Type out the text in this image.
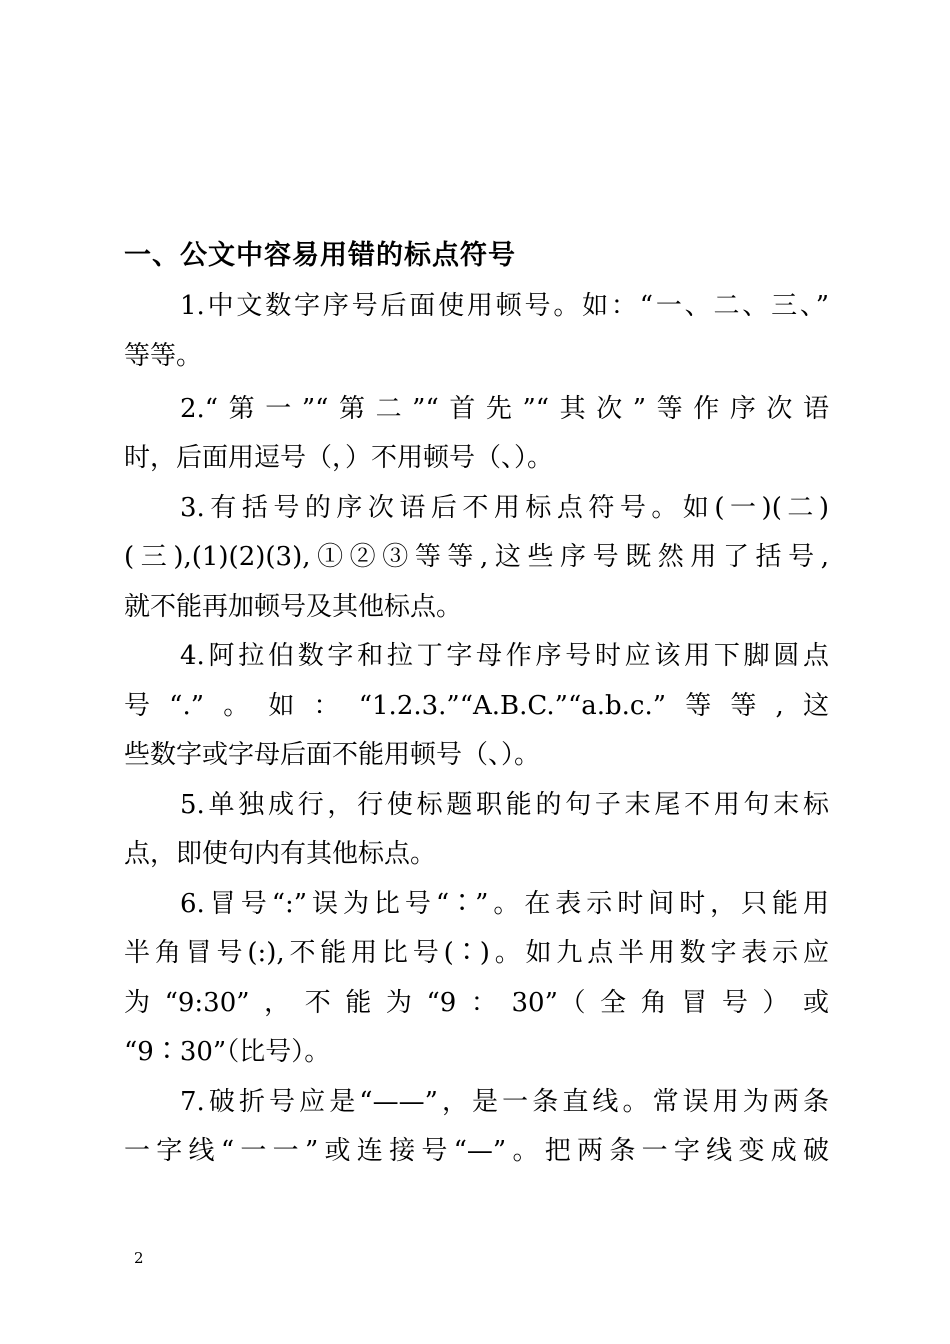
一、公文中容易用错的标点符号
1.中文数字序号后面使用顿号。如：“一、二、三、”
等等。
2.“第一”“第二”“首先”“其次”等作序次语
时，后面用逗号（，）不用顿号（、）。
3.有括号的序次语后不用标点符号。如(一)(二)
(三),(1)(2)(3),①②③等等,这些序号既然用了括号,
就不能再加顿号及其他标点。
4.阿拉伯数字和拉丁字母作序号时应该用下脚圆点
号“.”。如：“1.2.3.”“A.B.C.”“a.b.c.”等等,这
些数字或字母后面不能用顿号（、）。
5.单独成行，行使标题职能的句子末尾不用句末标
点，即使句内有其他标点。
6.冒号“:”误为比号“∶”。在表示时间时，只能用
半角冒号(:),不能用比号(∶)。如九点半用数字表示应
为“9:30”，不能为“9：30”（全角冒号）或
“9∶30”（比号）。
7.破折号应是“——”，是一条直线。常误用为两条
一字线“一一”或连接号“—”。把两条一字线变成破
2
